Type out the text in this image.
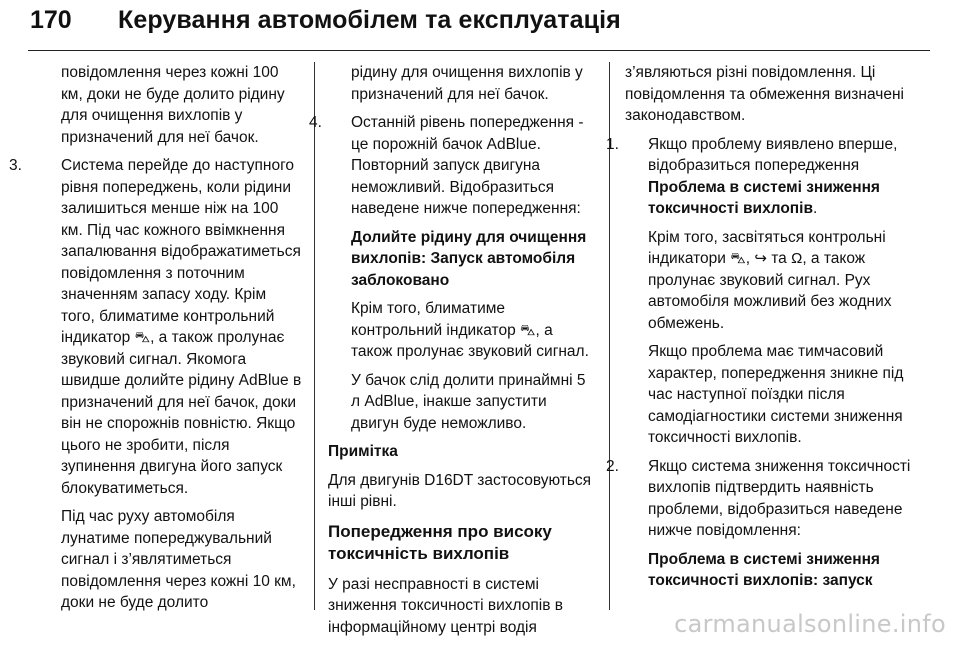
170 Керування автомобілем та експлуатація

повідомлення через кожні 100 км, доки не буде долито рідину для очищення вихлопів у призначений для неї бачок.

3.	Система перейде до наступного рівня попереджень, коли рідини залишиться менше ніж на 100 км. Під час кожного ввімкнення запалювання відображатиметься повідомлення з поточним значенням запасу ходу. Крім того, блиматиме контрольний індикатор ⛍, а також пролунає звуковий сигнал. Якомога швидше долийте рідину AdBlue в призначений для неї бачок, доки він не спорожнів повністю. Якщо цього не зробити, після зупинення двигуна його запуск блокуватиметься.

Під час руху автомобіля лунатиме попереджувальний сигнал і з’являтиметься повідомлення через кожні 10 км, доки не буде долито

рідину для очищення вихлопів у призначений для неї бачок.

4. Останній рівень попередження - це порожній бачок AdBlue. Повторний запуск двигуна неможливий. Відобразиться наведене нижче попередження:

Долийте рідину для очищення вихлопів: Запуск автомобіля заблоковано

Крім того, блиматиме контрольний індикатор ⛍, а також пролунає звуковий сигнал.

У бачок слід долити принаймні 5 л AdBlue, інакше запустити двигун буде неможливо.

Примітка

Для двигунів D16DT застосовуються інші рівні.

Попередження про високу токсичність вихлопів

У разі несправності в системі зниження токсичності вихлопів в інформаційному центрі водія

з’являються різні повідомлення. Ці повідомлення та обмеження визначені законодавством.

1. Якщо проблему виявлено вперше, відобразиться попередження Проблема в системі зниження токсичності вихлопів.

Крім того, засвітяться контрольні індикатори ⛍, ↪ та Ω, а також пролунає звуковий сигнал. Рух автомобіля можливий без жодних обмежень.

Якщо проблема має тимчасовий характер, попередження зникне під час наступної поїздки після самодіагностики системи зниження токсичності вихлопів.

2. Якщо система зниження токсичності вихлопів підтвердить наявність проблеми, відобразиться наведене нижче повідомлення:

Проблема в системі зниження токсичності вихлопів: запуск

carmanualsonline.info
